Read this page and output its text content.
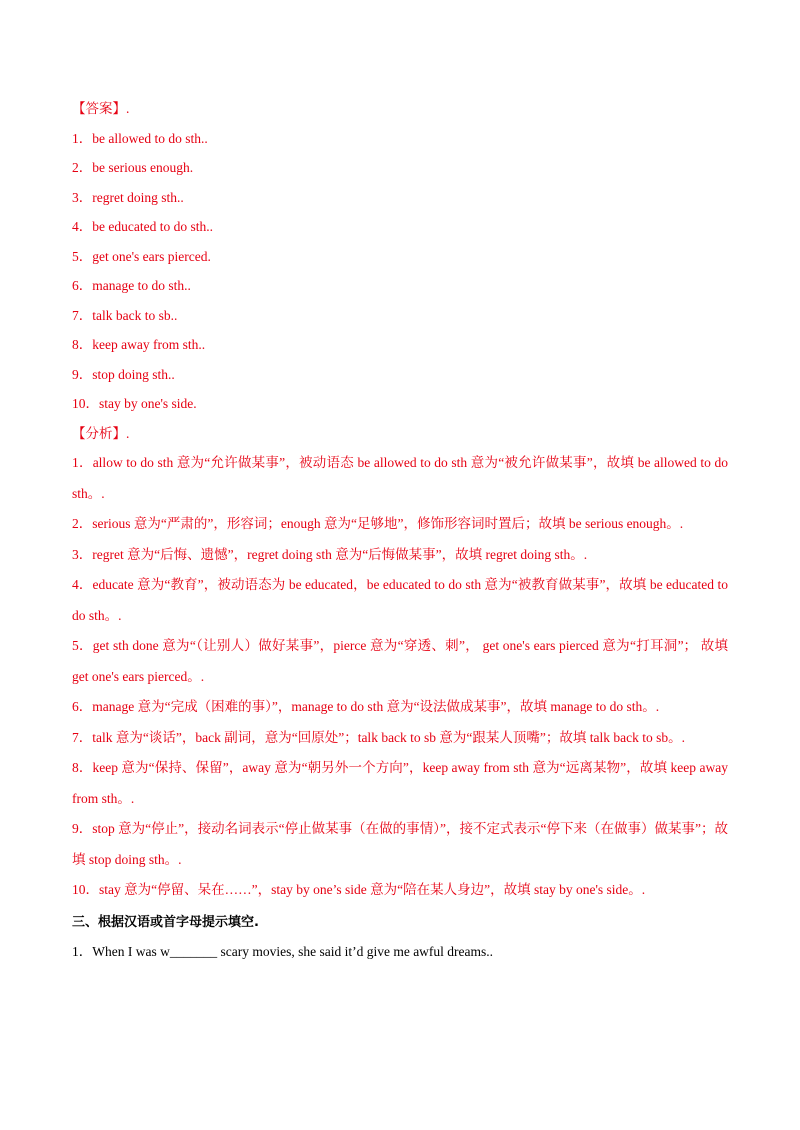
【答案】.
1．be allowed to do sth..
2．be serious enough.
3．regret doing sth..
4．be educated to do sth..
5．get one's ears pierced.
6．manage to do sth..
7．talk back to sb..
8．keep away from sth..
9．stop doing sth..
10．stay by one's side.
【分析】.
1．allow to do sth 意为“允许做某事”，被动语态 be allowed to do sth 意为“被允许做某事”，故填 be allowed to do sth。.
2．serious 意为“严肃的”，形容词；enough 意为“足够地”，修饰形容词时置后；故填 be serious enough。.
3．regret 意为“后悔、遗憾”，regret doing sth 意为“后悔做某事”，故填 regret doing sth。.
4．educate 意为“教育”，被动语态为 be educated，be educated to do sth 意为“被教育做某事”，故填 be educated to do sth。.
5．get sth done 意为“（让别人）做好某事”，pierce 意为“穿透、刺”， get one's ears pierced 意为“打耳洞”； 故填 get one's ears pierced。.
6．manage 意为“完成（困难的事）”，manage to do sth 意为“设法做成某事”，故填 manage to do sth。.
7．talk 意为“谈话”，back 副词，意为“回原处”；talk back to sb 意为“跟某人顶嘴”；故填 talk back to sb。.
8．keep 意为“保持、保留”，away 意为“朝另外一个方向”，keep away from sth 意为“远离某物”，故填 keep away from sth。.
9．stop 意为“停止”，接动名词表示“停止做某事（在做的事情）”，接不定式表示“停下来（在做事）做某事”；故填 stop doing sth。.
10．stay 意为“停留、呆在……”，stay by one’s side 意为“陪在某人身边”，故填 stay by one's side。.
三、根据汉语或首字母提示填空.
1．When I was w_______ scary movies, she said it’d give me awful dreams..
